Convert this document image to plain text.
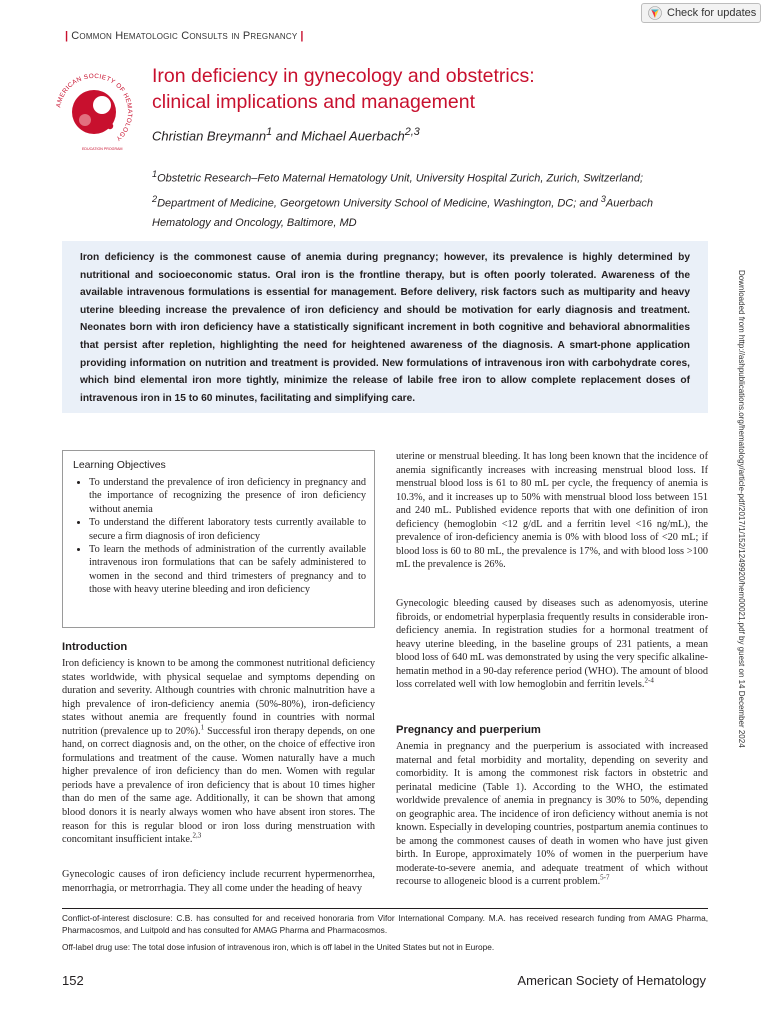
Check for updates
| Common Hematologic Consults in Pregnancy |
AMERICAN SOCIETY OF HEMATOLOGY
EDUCATION PROGRAM
Iron deficiency in gynecology and obstetrics:
clinical implications and management
Christian Breymann$^1$ and Michael Auerbach$^{2,3}$

$^1$Obstetric Research–Feto Maternal Hematology Unit, University Hospital Zurich, Zurich, Switzerland;

$^2$Department of Medicine, Georgetown University School of Medicine, Washington, DC; and $^3$Auerbach Hematology and Oncology, Baltimore, MD

Iron deficiency is the commonest cause of anemia during pregnancy; however, its prevalence is highly determined by nutritional and socioeconomic status. Oral iron is the frontline therapy, but is often poorly tolerated. Awareness of the available intravenous formulations is essential for management. Before delivery, risk factors such as multiparity and heavy uterine bleeding increase the prevalence of iron deficiency and should be motivation for early diagnosis and treatment. Neonates born with iron deficiency have a statistically significant increment in both cognitive and behavioral abnormalities that persist after repletion, highlighting the need for heightened awareness of the diagnosis. A smart-phone application providing information on nutrition and treatment is provided. New formulations of intravenous iron with carbohydrate cores, which bind elemental iron more tightly, minimize the release of labile free iron to allow complete replacement doses of intravenous iron in 15 to 60 minutes, facilitating and simplifying care.	Downloaded from http://ashpublications.org/hematology/article-pdf/2017/1/152/1249920/hem00021.pdf by guest on 14 December 2024

Learning Objectives

• To understand the prevalence of iron deficiency in pregnancy and the importance of recognizing the presence of iron deficiency without anemia
• To understand the different laboratory tests currently available to secure a firm diagnosis of iron deficiency
• To learn the methods of administration of the currently available intravenous iron formulations that can be safely administered to women in the second and third trimesters of pregnancy and to those with heavy uterine bleeding and iron deficiency
Introduction

Iron deficiency is known to be among the commonest nutritional deficiency states worldwide, with physical sequelae and symptoms depending on duration and severity. Although countries with chronic malnutrition have a high prevalence of iron-deficiency anemia (50%-80%), iron-deficiency states without anemia are frequently found in countries with normal nutrition (prevalence up to 20%).$^1$ Successful iron therapy depends, on one hand, on correct diagnosis and, on the other, on the choice of effective iron formulations and treatment of the cause. Women naturally have a much higher prevalence of iron deficiency than do men. Women with regular periods have a prevalence of iron deficiency that is about 10 times higher than do men of the same age. Additionally, it can be shown that among blood donors it is nearly always women who have absent iron stores. The reason for this is regular blood or iron loss during menstruation with concomitant insufficient intake.$^{2,3}$

Gynecologic causes of iron deficiency include recurrent hypermenorrhea, menorrhagia, or metrorrhagia. They all come under the heading of heavy

uterine or menstrual bleeding. It has long been known that the incidence of anemia significantly increases with increasing menstrual blood loss. If menstrual blood loss is 61 to 80 mL per cycle, the frequency of anemia is 10.3%, and it increases up to 50% with menstrual blood loss between 151 and 240 mL. Published evidence reports that with one definition of iron deficiency (hemoglobin <12 g/dL and a ferritin level <16 ng/mL), the prevalence of iron-deficiency anemia is 0% with blood loss of <20 mL; if blood loss is 60 to 80 mL, the prevalence is 17%, and with blood loss >100 mL the prevalence is 26%.

Gynecologic bleeding caused by diseases such as adenomyosis, uterine fibroids, or endometrial hyperplasia frequently results in considerable iron-deficiency anemia. In registration studies for a hormonal treatment of heavy uterine bleeding, in the baseline groups of 231 patients, a mean blood loss of 640 mL was demonstrated by using the very specific alkaline-hematin method in a 90-day reference period (WHO). The amount of blood loss correlated well with low hemoglobin and ferritin levels.$^{2-4}$

Pregnancy and puerperium

Anemia in pregnancy and the puerperium is associated with increased maternal and fetal morbidity and mortality, depending on severity and comorbidity. It is among the commonest risk factors in obstetric and perinatal medicine (Table 1). According to the WHO, the estimated worldwide prevalence of anemia in pregnancy is 30% to 50%, depending on geographic area. The incidence of iron deficiency without anemia is not known. Especially in developing countries, postpartum anemia continues to be among the commonest causes of death in women who have just given birth. In Europe, approximately 10% of women in the puerperium have moderate-to-severe anemia, and adequate treatment of which without recourse to allogeneic blood is a current problem.$^{5-7}$

Conflict-of-interest disclosure: C.B. has consulted for and received honoraria from Vifor International Company. M.A. has received research funding from AMAG Pharma, Pharmacosmos, and Luitpold and has consulted for AMAG Pharma and Pharmacosmos.

Off-label drug use: The total dose infusion of intravenous iron, which is off label in the United States but not in Europe.

152	American Society of Hematology
